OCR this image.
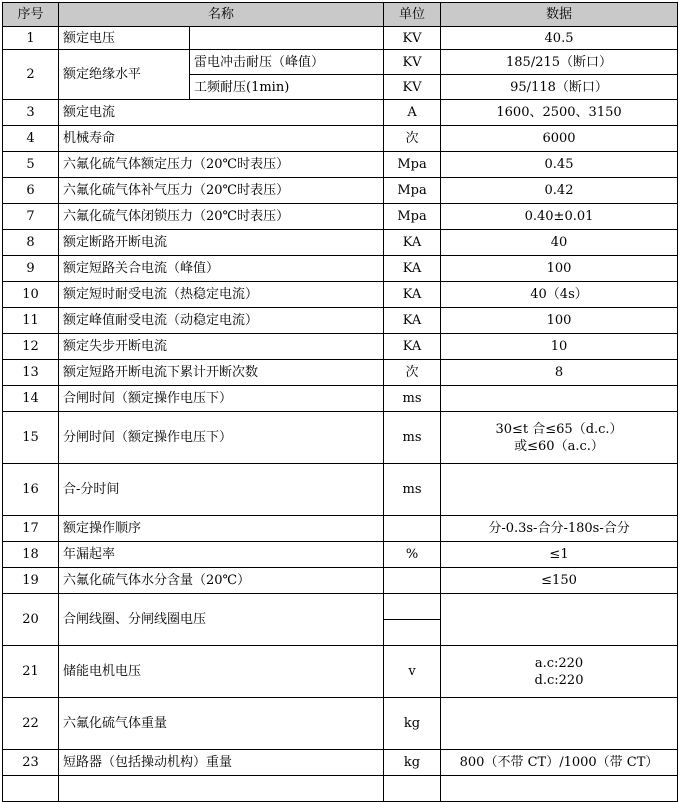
序号	名称		单位	数据
1	额定电压		KV	40.5
2	额定绝缘水平	雷电冲击耐压（峰值）	KV	185/215（断口）
		工频耐压(1min)	KV	95/118（断口）
3	额定电流		A	1600、2500、3150
4	机械寿命		次	6000
5	六氟化硫气体额定压力（20℃时表压）		Mpa	0.45
6	六氟化硫气体补气压力（20℃时表压）		Mpa	0.42
7	六氟化硫气体闭锁压力（20℃时表压）		Mpa	0.40±0.01
8	额定断路开断电流		KA	40
9	额定短路关合电流（峰值）		KA	100
10	额定短时耐受电流（热稳定电流）		KA	40（4s）
11	额定峰值耐受电流（动稳定电流）		KA	100
12	额定失步开断电流		KA	10
13	额定短路开断电流下累计开断次数		次	8
14	合闸时间（额定操作电压下）		ms	
15	分闸时间（额定操作电压下）		ms	30≤t 合≤65（d.c.）
或≤60（a.c.）

16	合-分时间		ms	

17	额定操作顺序			分-0.3s-合分-180s-合分
18	年漏起率		%	≤1
19	六氟化硫气体水分含量（20℃）			≤150
20	合闸线圈、分闸线圈电压			

21	储能电机电压		v	a.c:220
d.c:220

22	六氟化硫气体重量		kg	

23	短路器（包括操动机构）重量		kg	800（不带 CT）/1000（带 CT）
